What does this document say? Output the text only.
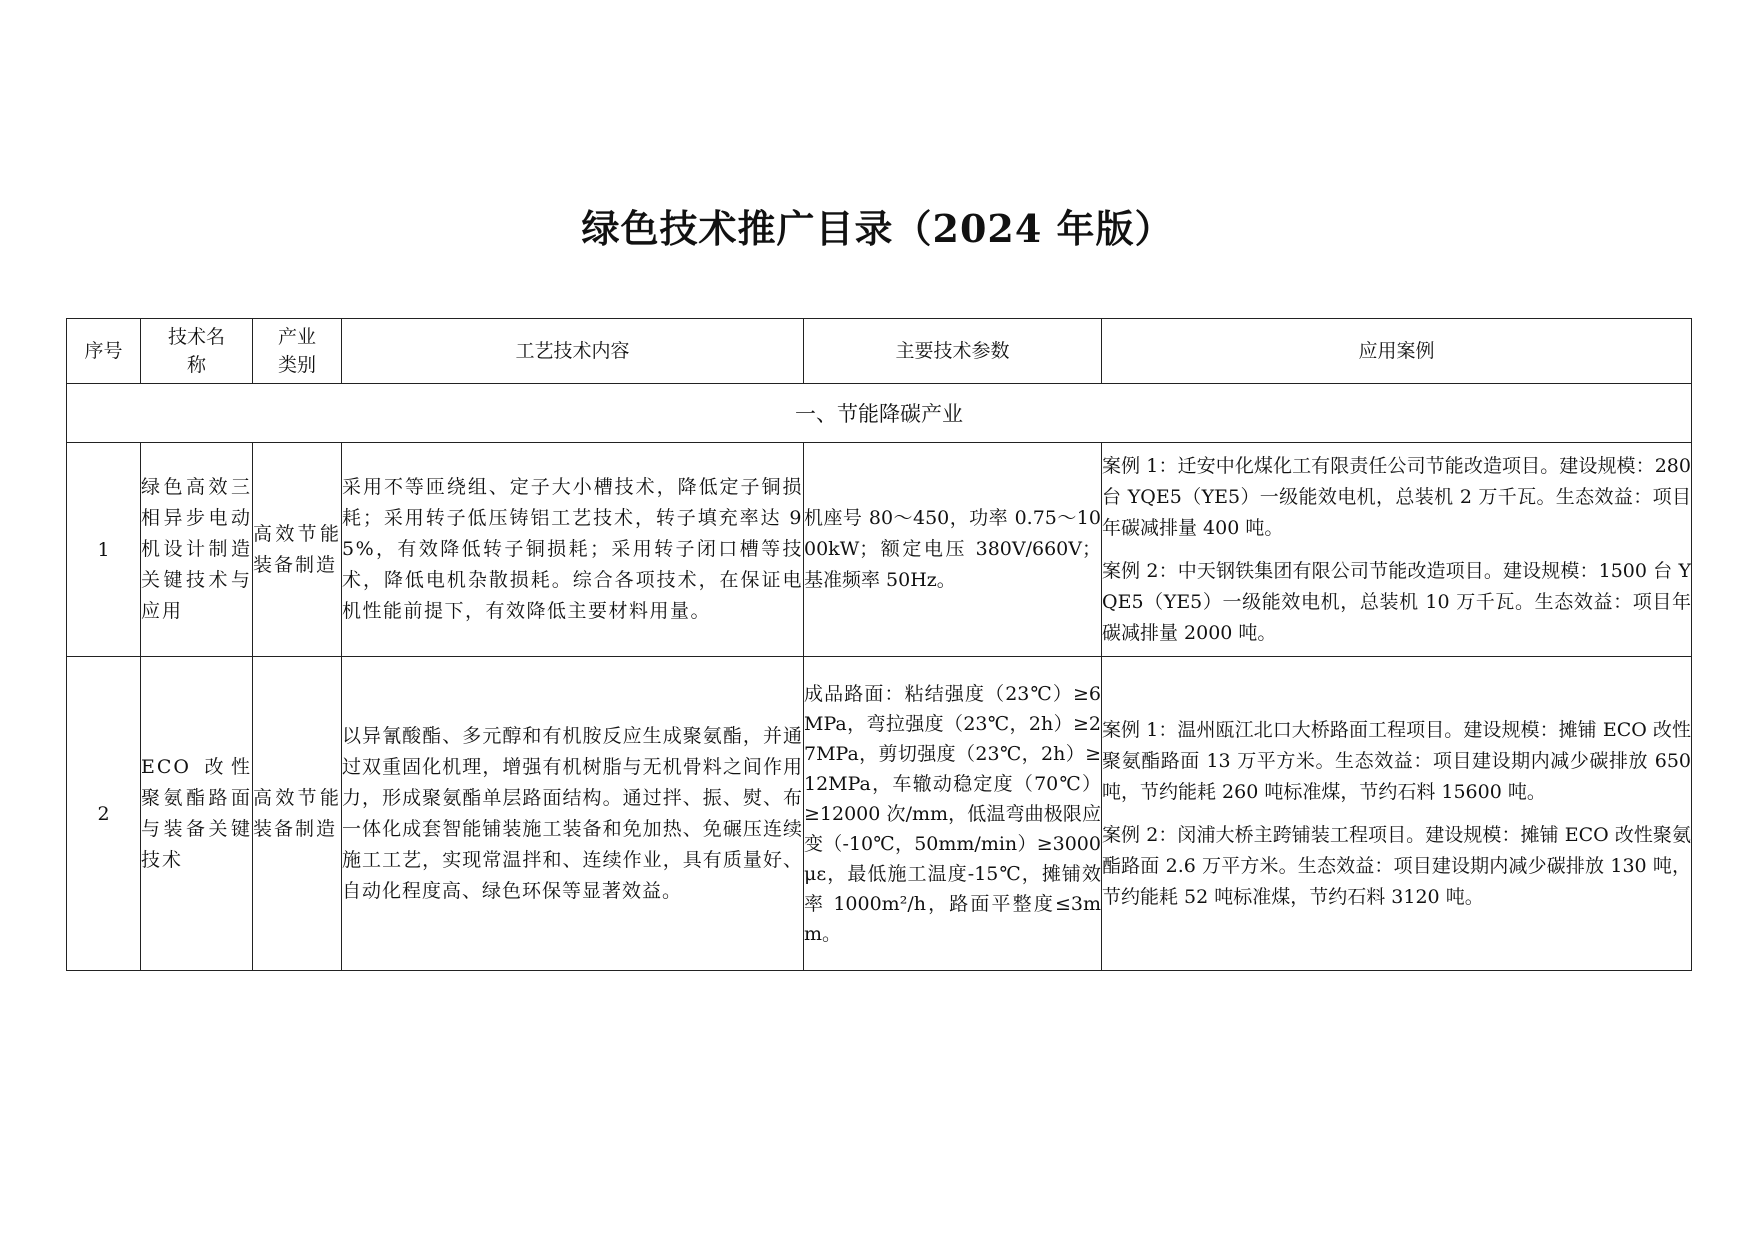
绿色技术推广目录（2024 年版）
序号	技术名称	产业类别	工艺技术内容	主要技术参数	应用案例
一、节能降碳产业					
1	绿色高效三相异步电动机设计制造关键技术与应用	高效节能装备制造	采用不等匝绕组、定子大小槽技术，降低定子铜损耗；采用转子低压铸铝工艺技术，转子填充率达 95%，有效降低转子铜损耗；采用转子闭口槽等技术，降低电机杂散损耗。综合各项技术，在保证电机性能前提下，有效降低主要材料用量。	机座号 80～450，功率 0.75～1000kW；额定电压 380V/660V；基准频率 50Hz。	案例 1：迁安中化煤化工有限责任公司节能改造项目。建设规模：280 台 YQE5（YE5）一级能效电机，总装机 2 万千瓦。生态效益：项目年碳减排量 400 吨。
案例 2：中天钢铁集团有限公司节能改造项目。建设规模：1500 台 YQE5（YE5）一级能效电机，总装机 10 万千瓦。生态效益：项目年碳减排量 2000 吨。

2	ECO 改性聚氨酯路面与装备关键技术	高效节能装备制造	以异氰酸酯、多元醇和有机胺反应生成聚氨酯，并通过双重固化机理，增强有机树脂与无机骨料之间作用力，形成聚氨酯单层路面结构。通过拌、振、熨、布一体化成套智能铺装施工装备和免加热、免碾压连续施工工艺，实现常温拌和、连续作业，具有质量好、自动化程度高、绿色环保等显著效益。	成品路面：粘结强度（23℃）≥6MPa，弯拉强度（23℃，2h）≥27MPa，剪切强度（23℃，2h）≥12MPa，车辙动稳定度（70℃）≥12000 次/mm，低温弯曲极限应变（-10℃，50mm/min）≥3000με，最低施工温度-15℃，摊铺效率 1000m²/h，路面平整度≤3mm。	案例 1：温州瓯江北口大桥路面工程项目。建设规模：摊铺 ECO 改性聚氨酯路面 13 万平方米。生态效益：项目建设期内减少碳排放 650 吨，节约能耗 260 吨标准煤，节约石料 15600 吨。
案例 2：闵浦大桥主跨铺装工程项目。建设规模：摊铺 ECO 改性聚氨酯路面 2.6 万平方米。生态效益：项目建设期内减少碳排放 130 吨，节约能耗 52 吨标准煤，节约石料 3120 吨。
